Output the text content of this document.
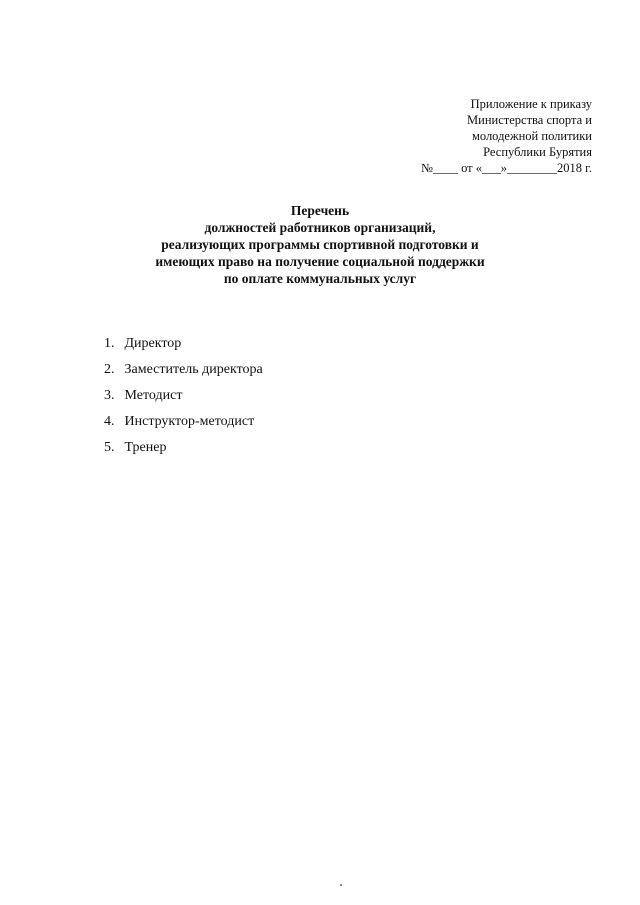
Приложение к приказу
Министерства спорта и
молодежной политики
Республики Бурятия
№____ от «___»________2018 г.
Перечень
должностей работников организаций,
реализующих программы спортивной подготовки и
имеющих право на получение социальной поддержки
по оплате коммунальных услуг
1. Директор
2. Заместитель директора
3. Методист
4. Инструктор-методист
5. Тренер
